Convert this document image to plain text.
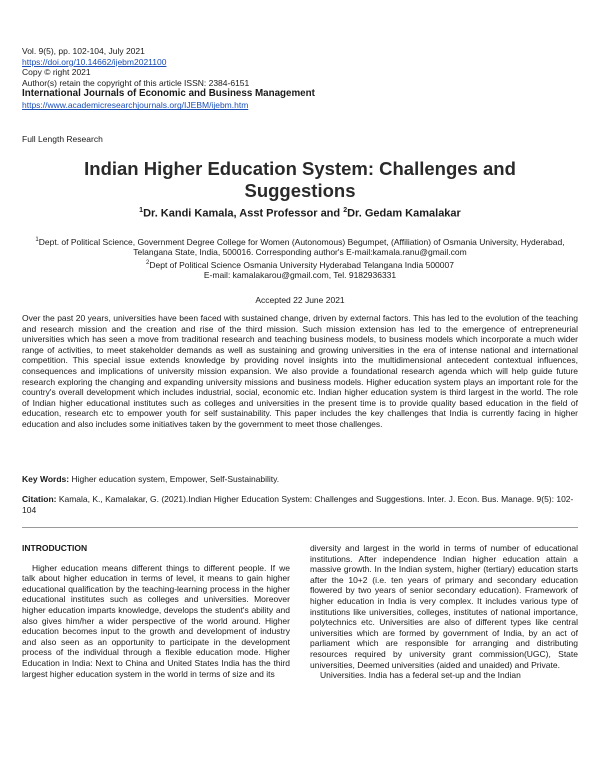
Vol. 9(5), pp. 102-104, July 2021
https://doi.org/10.14662/ijebm2021100
Copy © right 2021
Author(s) retain the copyright of this article ISSN: 2384-6151
International Journals of Economic and Business Management
https://www.academicresearchjournals.org/IJEBM/ijebm.htm
Full Length Research
Indian Higher Education System: Challenges and Suggestions
$^1$Dr. Kandi Kamala, Asst Professor and $^2$Dr. Gedam Kamalakar
$^1$Dept. of Political Science, Government Degree College for Women (Autonomous) Begumpet, (Affiliation) of Osmania University, Hyderabad, Telangana State, India, 500016. Corresponding author's E-mail:kamala.ranu@gmail.com
$^2$Dept of Political Science Osmania University Hyderabad Telangana India 500007
E-mail: kamalakarou@gmail.com, Tel. 9182936331
Accepted 22 June 2021
Over the past 20 years, universities have been faced with sustained change, driven by external factors. This has led to the evolution of the teaching and research mission and the creation and rise of the third mission. Such mission extension has led to the emergence of entrepreneurial universities which has seen a move from traditional research and teaching business models, to business models which incorporate a much wider range of activities, to meet stakeholder demands as well as sustaining and growing universities in the era of intense national and international competition. This special issue extends knowledge by providing novel insights into the multidimensional antecedent contextual influences, consequences and implications of university mission expansion. We also provide a foundational research agenda which will help guide future research exploring the changing and expanding university missions and business models. Higher education system plays an important role for the country's overall development which includes industrial, social, economic etc. Indian higher education system is third largest in the world. The role of Indian higher educational institutes such as colleges and universities in the present time is to provide quality based education in the field of education, research etc to empower youth for self sustainability. This paper includes the key challenges that India is currently facing in higher education and also includes some initiatives taken by the government to meet those challenges.
Key Words: Higher education system, Empower, Self-Sustainability.
Citation: Kamala, K., Kamalakar, G. (2021).Indian Higher Education System: Challenges and Suggestions. Inter. J. Econ. Bus. Manage. 9(5): 102-104
INTRODUCTION
Higher education means different things to different people. If we talk about higher education in terms of level, it means to gain higher educational qualification by the teaching-learning process in the higher educational institutes such as colleges and universities. Moreover higher education imparts knowledge, develops the student's ability and also gives him/her a wider perspective of the world around. Higher education becomes input to the growth and development of industry and also seen as an opportunity to participate in the development process of the individual through a flexible education mode. Higher Education in India: Next to China and United States India has the third largest higher education system in the world in terms of size and its
diversity and largest in the world in terms of number of educational institutions. After independence Indian higher education attain a massive growth. In the Indian system, higher (tertiary) education starts after the 10+2 (i.e. ten years of primary and secondary education flowered by two years of senior secondary education). Framework of higher education in India is very complex. It includes various type of institutions like universities, colleges, institutes of national importance, polytechnics etc. Universities are also of different types like central universities which are formed by government of India, by an act of parliament which are responsible for arranging and distributing resources required by university grant commission(UGC), State universities, Deemed universities (aided and unaided) and Private.
Universities. India has a federal set-up and the Indian
